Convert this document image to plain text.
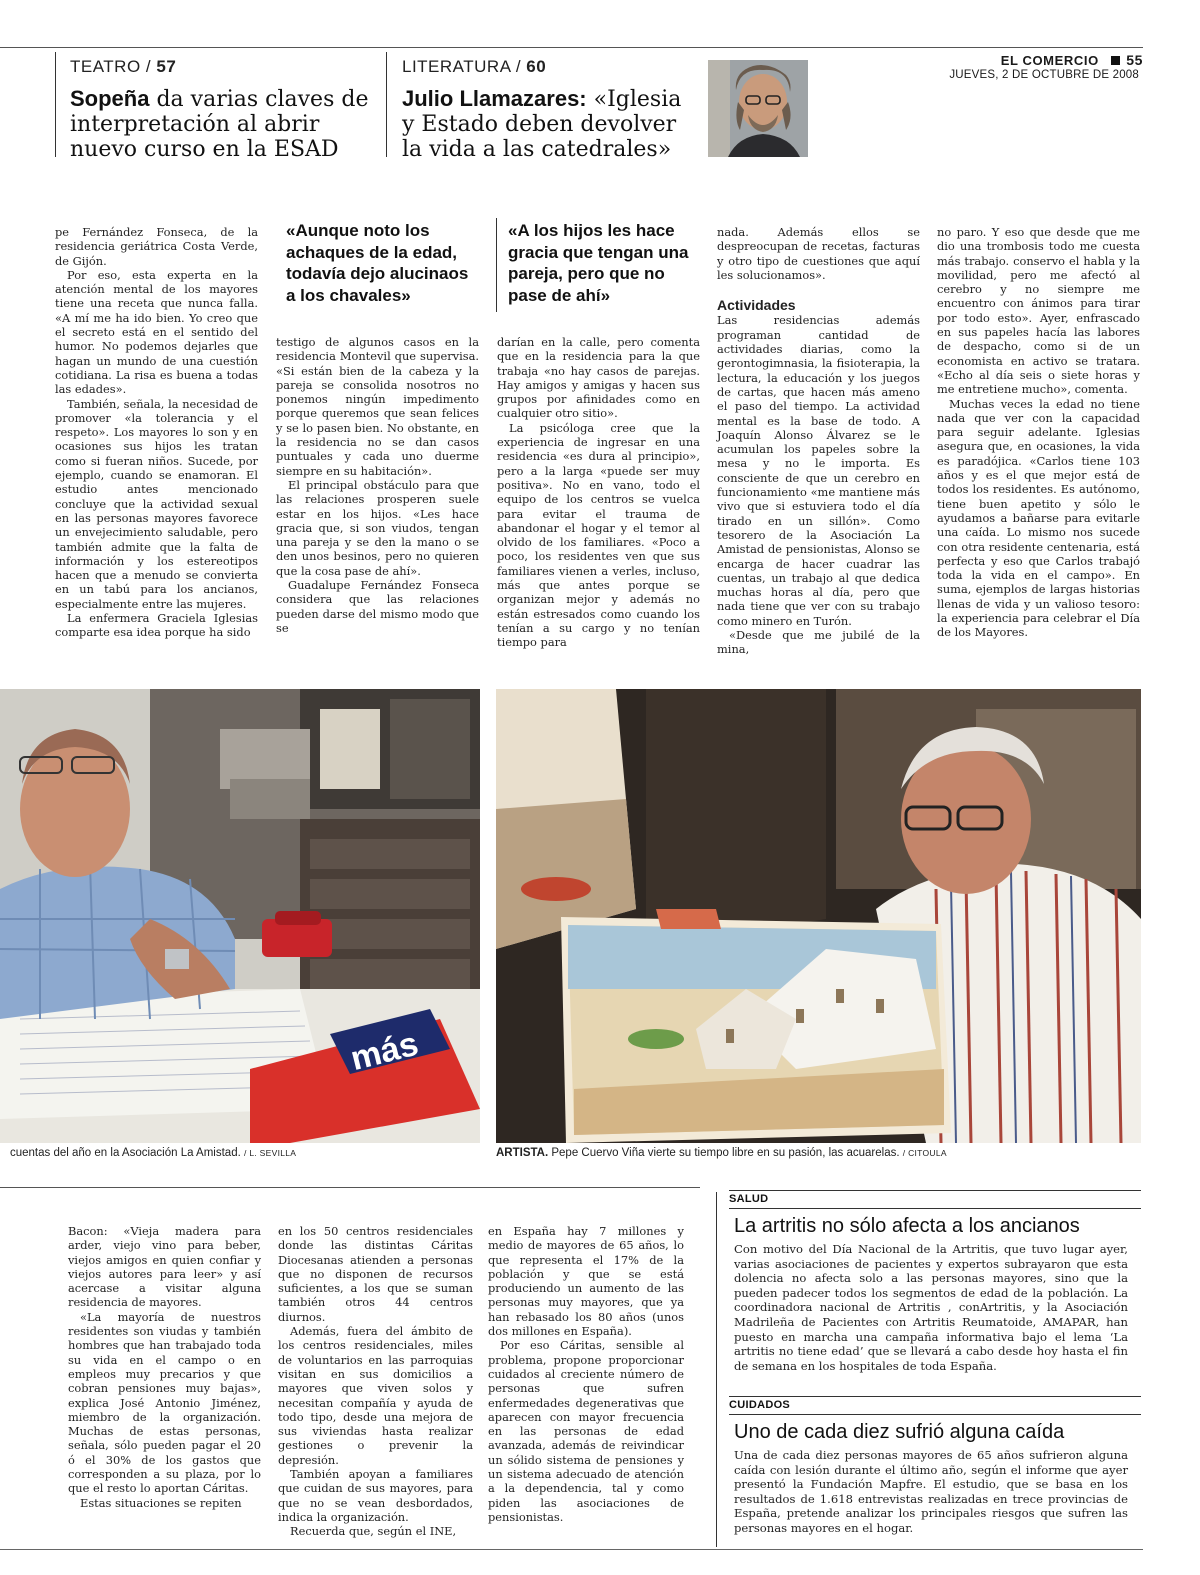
TEATRO / 57
Sopeña da varias claves de interpretación al abrir nuevo curso en la ESAD
LITERATURA / 60
Julio Llamazares: «Iglesia y Estado deben devolver la vida a las catedrales»
EL COMERCIO 55
JUEVES, 2 DE OCTUBRE DE 2008

pe Fernández Fonseca, de la residencia geriátrica Costa Verde, de Gijón.

Por eso, esta experta en la atención mental de los mayores tiene una receta que nunca falla. «A mí me ha ido bien. Yo creo que el secreto está en el sentido del humor. No podemos dejarles que hagan un mundo de una cuestión cotidiana. La risa es buena a todas las edades».

También, señala, la necesidad de promover «la tolerancia y el respeto». Los mayores lo son y en ocasiones sus hijos les tratan como si fueran niños. Sucede, por ejemplo, cuando se enamoran. El estudio antes mencionado concluye que la actividad sexual en las personas mayores favorece un envejecimiento saludable, pero también admite que la falta de información y los estereotipos hacen que a menudo se convierta en un tabú para los ancianos, especialmente entre las mujeres.

La enfermera Graciela Iglesias comparte esa idea porque ha sido

«Aunque noto los achaques de la edad, todavía dejo alucinaos a los chavales»
«A los hijos les hace gracia que tengan una pareja, pero que no pase de ahí»

testigo de algunos casos en la residencia Montevil que supervisa. «Si están bien de la cabeza y la pareja se consolida nosotros no ponemos ningún impedimento porque queremos que sean felices y se lo pasen bien. No obstante, en la residencia no se dan casos puntuales y cada uno duerme siempre en su habitación».

El principal obstáculo para que las relaciones prosperen suele estar en los hijos. «Les hace gracia que, si son viudos, tengan una pareja y se den la mano o se den unos besinos, pero no quieren que la cosa pase de ahí».

Guadalupe Fernández Fonseca considera que las relaciones pueden darse del mismo modo que se

darían en la calle, pero comenta que en la residencia para la que trabaja «no hay casos de parejas. Hay amigos y amigas y hacen sus grupos por afinidades como en cualquier otro sitio».

La psicóloga cree que la experiencia de ingresar en una residencia «es dura al principio», pero a la larga «puede ser muy positiva». No en vano, todo el equipo de los centros se vuelca para evitar el trauma de abandonar el hogar y el temor al olvido de los familiares. «Poco a poco, los residentes ven que sus familiares vienen a verles, incluso, más que antes porque se organizan mejor y además no están estresados como cuando los tenían a su cargo y no tenían tiempo para

nada. Además ellos se despreocupan de recetas, facturas y otro tipo de cuestiones que aquí les solucionamos».

Actividades

Las residencias además programan cantidad de actividades diarias, como la gerontogimnasia, la fisioterapia, la lectura, la educación y los juegos de cartas, que hacen más ameno el paso del tiempo. La actividad mental es la base de todo. A Joaquín Alonso Álvarez se le acumulan los papeles sobre la mesa y no le importa. Es consciente de que un cerebro en funcionamiento «me mantiene más vivo que si estuviera todo el día tirado en un sillón». Como tesorero de la Asociación La Amistad de pensionistas, Alonso se encarga de hacer cuadrar las cuentas, un trabajo al que dedica muchas horas al día, pero que nada tiene que ver con su trabajo como minero en Turón.

«Desde que me jubilé de la mina,

no paro. Y eso que desde que me dio una trombosis todo me cuesta más trabajo. conservo el habla y la movilidad, pero me afectó al cerebro y no siempre me encuentro con ánimos para tirar por todo esto». Ayer, enfrascado en sus papeles hacía las labores de despacho, como si de un economista en activo se tratara. «Echo al día seis o siete horas y me entretiene mucho», comenta.

Muchas veces la edad no tiene nada que ver con la capacidad para seguir adelante. Iglesias asegura que, en ocasiones, la vida es paradójica. «Carlos tiene 103 años y es el que mejor está de todos los residentes. Es autónomo, tiene buen apetito y sólo le ayudamos a bañarse para evitarle una caída. Lo mismo nos sucede con otra residente centenaria, está perfecta y eso que Carlos trabajó toda la vida en el campo». En suma, ejemplos de largas historias llenas de vida y un valioso tesoro: la experiencia para celebrar el Día de los Mayores.

más
cuentas del año en la Asociación La Amistad. / L. SEVILLA	ARTISTA. Pepe Cuervo Viña vierte su tiempo libre en su pasión, las acuarelas. / CITOULA

Bacon: «Vieja madera para arder, viejo vino para beber, viejos amigos en quien confiar y viejos autores para leer» y así acercase a visitar alguna residencia de mayores.

«La mayoría de nuestros residentes son viudas y también hombres que han trabajado toda su vida en el campo o en empleos muy precarios y que cobran pensiones muy bajas», explica José Antonio Jiménez, miembro de la organización. Muchas de estas personas, señala, sólo pueden pagar el 20 ó el 30% de los gastos que corresponden a su plaza, por lo que el resto lo aportan Cáritas.

Estas situaciones se repiten

en los 50 centros residenciales donde las distintas Cáritas Diocesanas atienden a personas que no disponen de recursos suficientes, a los que se suman también otros 44 centros diurnos.

Además, fuera del ámbito de los centros residenciales, miles de voluntarios en las parroquias visitan en sus domicilios a mayores que viven solos y necesitan compañía y ayuda de todo tipo, desde una mejora de sus viviendas hasta realizar gestiones o prevenir la depresión.

También apoyan a familiares que cuidan de sus mayores, para que no se vean desbordados, indica la organización.

Recuerda que, según el INE,

en España hay 7 millones y medio de mayores de 65 años, lo que representa el 17% de la población y que se está produciendo un aumento de las personas muy mayores, que ya han rebasado los 80 años (unos dos millones en España).

Por eso Cáritas, sensible al problema, propone proporcionar cuidados al creciente número de personas que sufren enfermedades degenerativas que aparecen con mayor frecuencia en las personas de edad avanzada, además de reivindicar un sólido sistema de pensiones y un sistema adecuado de atención a la dependencia, tal y como piden las asociaciones de pensionistas.

SALUD
La artritis no sólo afecta a los ancianos
Con motivo del Día Nacional de la Artritis, que tuvo lugar ayer, varias asociaciones de pacientes y expertos subrayaron que esta dolencia no afecta solo a las personas mayores, sino que la pueden padecer todos los segmentos de edad de la población. La coordinadora nacional de Artritis , conArtritis, y la Asociación Madrileña de Pacientes con Artritis Reumatoide, AMAPAR, han puesto en marcha una campaña informativa bajo el lema ‘La artritis no tiene edad’ que se llevará a cabo desde hoy hasta el fin de semana en los hospitales de toda España.
CUIDADOS
Uno de cada diez sufrió alguna caída
Una de cada diez personas mayores de 65 años sufrieron alguna caída con lesión durante el último año, según el informe que ayer presentó la Fundación Mapfre. El estudio, que se basa en los resultados de 1.618 entrevistas realizadas en trece provincias de España, pretende analizar los principales riesgos que sufren las personas mayores en el hogar.
